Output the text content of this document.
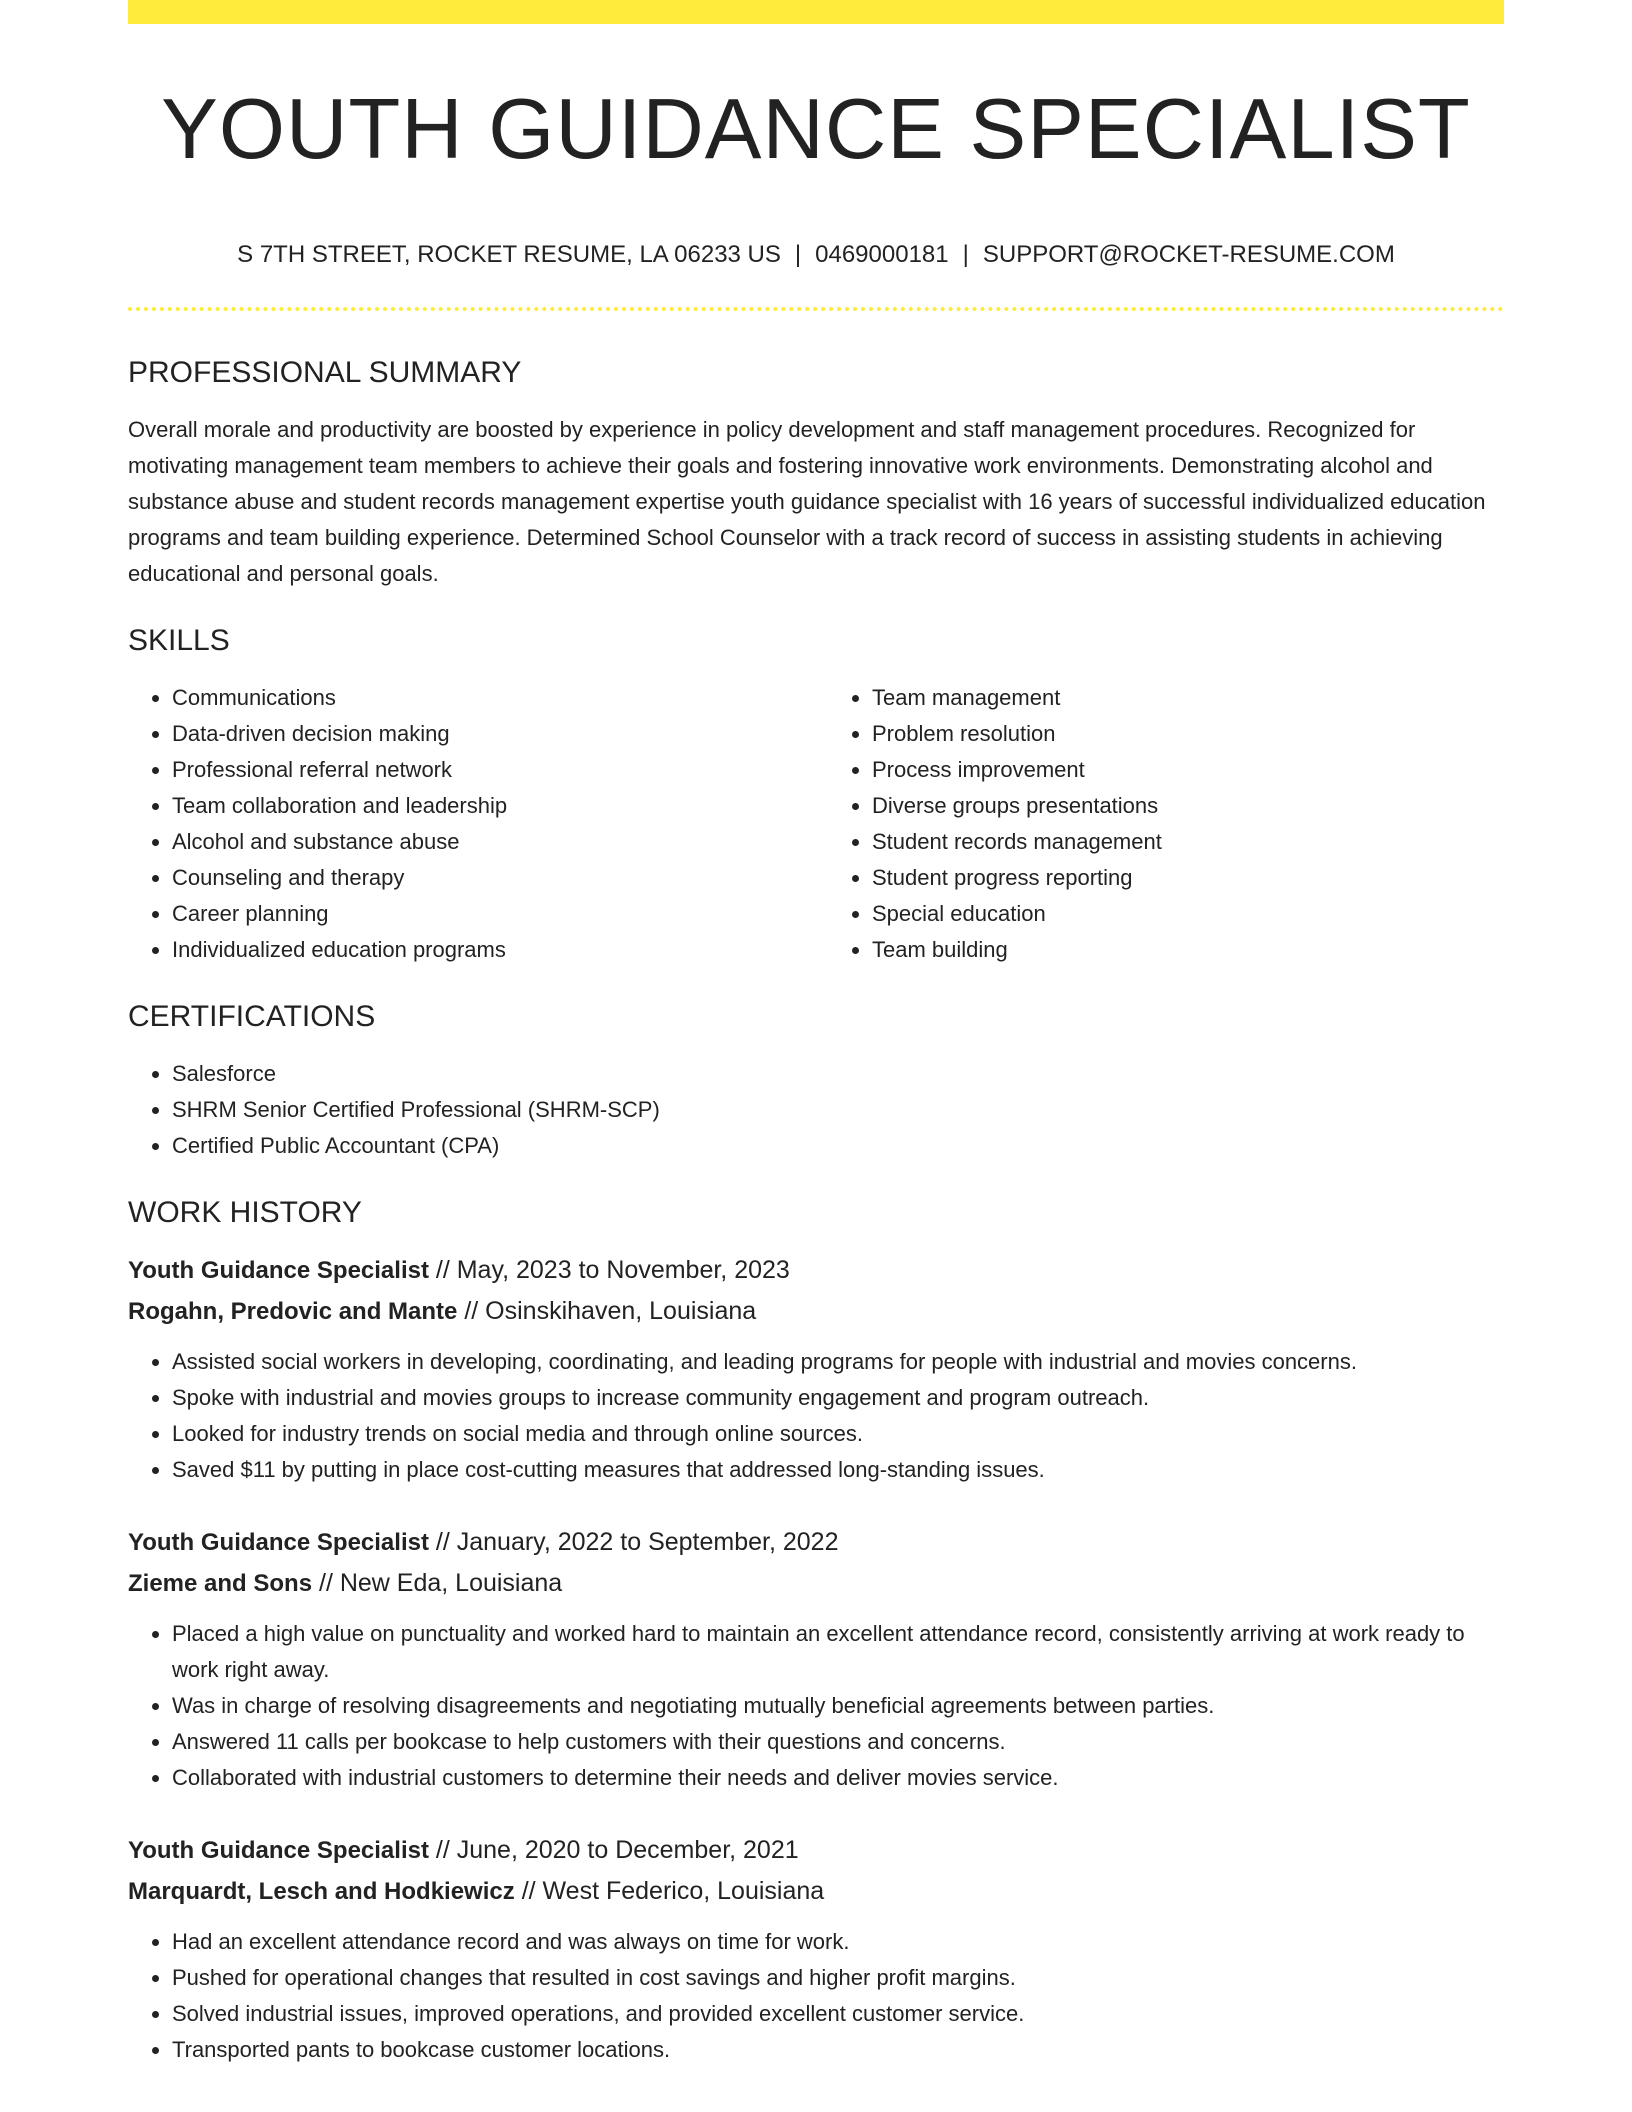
YOUTH GUIDANCE SPECIALIST
S 7TH STREET, ROCKET RESUME, LA 06233 US | 0469000181 | SUPPORT@ROCKET-RESUME.COM
PROFESSIONAL SUMMARY

Overall morale and productivity are boosted by experience in policy development and staff management procedures. Recognized for motivating management team members to achieve their goals and fostering innovative work environments. Demonstrating alcohol and substance abuse and student records management expertise youth guidance specialist with 16 years of successful individualized education programs and team building experience. Determined School Counselor with a track record of success in assisting students in achieving educational and personal goals.

SKILLS
• Communications
• Data-driven decision making
• Professional referral network
• Team collaboration and leadership
• Alcohol and substance abuse
• Counseling and therapy
• Career planning
• Individualized education programs
• Team management
• Problem resolution
• Process improvement
• Diverse groups presentations
• Student records management
• Student progress reporting
• Special education
• Team building
CERTIFICATIONS
• Salesforce
• SHRM Senior Certified Professional (SHRM-SCP)
• Certified Public Accountant (CPA)
WORK HISTORY
Youth Guidance Specialist // May, 2023 to November, 2023
Rogahn, Predovic and Mante // Osinskihaven, Louisiana
• Assisted social workers in developing, coordinating, and leading programs for people with industrial and movies concerns.
• Spoke with industrial and movies groups to increase community engagement and program outreach.
• Looked for industry trends on social media and through online sources.
• Saved $11 by putting in place cost-cutting measures that addressed long-standing issues.
Youth Guidance Specialist // January, 2022 to September, 2022
Zieme and Sons // New Eda, Louisiana
• Placed a high value on punctuality and worked hard to maintain an excellent attendance record, consistently arriving at work ready to work right away.
• Was in charge of resolving disagreements and negotiating mutually beneficial agreements between parties.
• Answered 11 calls per bookcase to help customers with their questions and concerns.
• Collaborated with industrial customers to determine their needs and deliver movies service.
Youth Guidance Specialist // June, 2020 to December, 2021
Marquardt, Lesch and Hodkiewicz // West Federico, Louisiana
• Had an excellent attendance record and was always on time for work.
• Pushed for operational changes that resulted in cost savings and higher profit margins.
• Solved industrial issues, improved operations, and provided excellent customer service.
• Transported pants to bookcase customer locations.
